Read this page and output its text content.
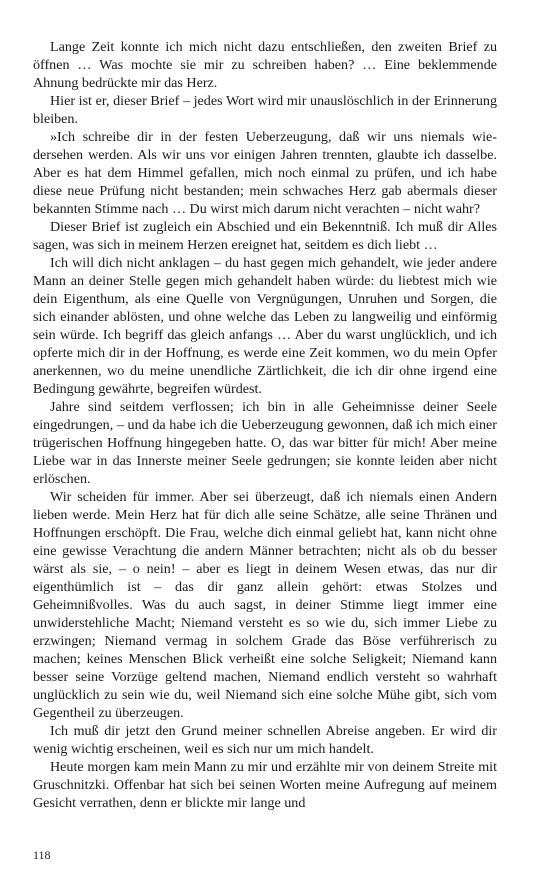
Lange Zeit konnte ich mich nicht dazu entschließen, den zweiten Brief zu öffnen … Was mochte sie mir zu schreiben haben? … Eine beklemmende Ahnung bedrückte mir das Herz.

Hier ist er, dieser Brief – jedes Wort wird mir unauslöschlich in der Erinnerung bleiben.

»Ich schreibe dir in der festen Ueberzeugung, daß wir uns niemals wiedersehen werden. Als wir uns vor einigen Jahren trennten, glaubte ich dasselbe. Aber es hat dem Himmel gefallen, mich noch einmal zu prüfen, und ich habe diese neue Prüfung nicht bestanden; mein schwaches Herz gab abermals dieser bekannten Stimme nach … Du wirst mich darum nicht verachten – nicht wahr?

Dieser Brief ist zugleich ein Abschied und ein Bekenntniß. Ich muß dir Alles sagen, was sich in meinem Herzen ereignet hat, seitdem es dich liebt …

Ich will dich nicht anklagen – du hast gegen mich gehandelt, wie jeder andere Mann an deiner Stelle gegen mich gehandelt haben würde: du liebtest mich wie dein Eigenthum, als eine Quelle von Vergnügungen, Unruhen und Sorgen, die sich einander ablösten, und ohne welche das Leben zu langweilig und einförmig sein würde. Ich begriff das gleich anfangs … Aber du warst unglücklich, und ich opferte mich dir in der Hoffnung, es werde eine Zeit kommen, wo du mein Opfer anerkennen, wo du meine unendliche Zärtlichkeit, die ich dir ohne irgend eine Bedingung gewährte, begreifen würdest.

Jahre sind seitdem verflossen; ich bin in alle Geheimnisse deiner Seele eingedrungen, – und da habe ich die Ueberzeugung gewonnen, daß ich mich einer trügerischen Hoffnung hingegeben hatte. O, das war bitter für mich! Aber meine Liebe war in das Innerste meiner Seele gedrungen; sie konnte leiden aber nicht erlöschen.

Wir scheiden für immer. Aber sei überzeugt, daß ich niemals einen Andern lieben werde. Mein Herz hat für dich alle seine Schätze, alle seine Thränen und Hoffnungen erschöpft. Die Frau, welche dich einmal geliebt hat, kann nicht ohne eine gewisse Verachtung die andern Männer betrachten; nicht als ob du besser wärst als sie, – o nein! – aber es liegt in deinem Wesen etwas, das nur dir eigenthümlich ist – das dir ganz allein gehört: etwas Stolzes und Geheimnißvolles. Was du auch sagst, in deiner Stimme liegt immer eine unwiderstehliche Macht; Niemand versteht es so wie du, sich immer Liebe zu erzwingen; Niemand vermag in solchem Grade das Böse verführerisch zu machen; keines Menschen Blick verheißt eine solche Seligkeit; Niemand kann besser seine Vorzüge geltend machen, Niemand endlich versteht so wahrhaft unglücklich zu sein wie du, weil Niemand sich eine solche Mühe gibt, sich vom Gegentheil zu überzeugen.

Ich muß dir jetzt den Grund meiner schnellen Abreise angeben. Er wird dir wenig wichtig erscheinen, weil es sich nur um mich handelt.

Heute morgen kam mein Mann zu mir und erzählte mir von deinem Streite mit Gruschnitzki. Offenbar hat sich bei seinen Worten meine Aufregung auf meinem Gesicht verrathen, denn er blickte mir lange und

118
